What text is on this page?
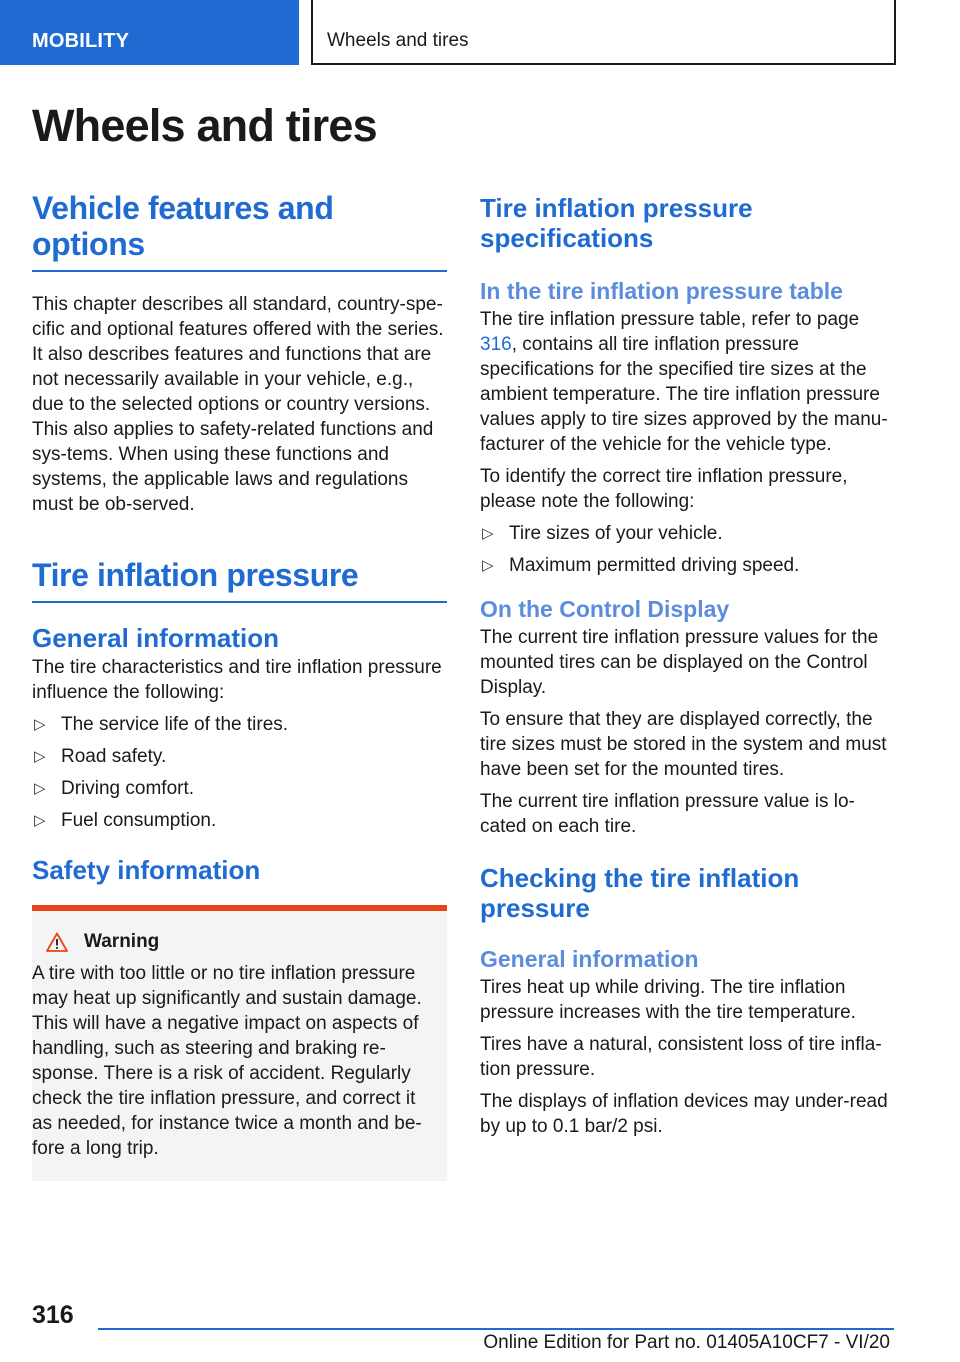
MOBILITY	Wheels and tires
Wheels and tires
Vehicle features and options

This chapter describes all standard, country-spe-cific and optional features offered with the series. It also describes features and functions that are not necessarily available in your vehicle, e.g., due to the selected options or country versions. This also applies to safety-related functions and sys-tems. When using these functions and systems, the applicable laws and regulations must be ob-served.

Tire inflation pressure
General information

The tire characteristics and tire inflation pressure influence the following:

▷ The service life of the tires.
▷ Road safety.
▷ Driving comfort.
▷ Fuel consumption.
Safety information
Warning

A tire with too little or no tire inflation pressure may heat up significantly and sustain damage. This will have a negative impact on aspects of handling, such as steering and braking re-sponse. There is a risk of accident. Regularly check the tire inflation pressure, and correct it as needed, for instance twice a month and be-fore a long trip.

Tire inflation pressure specifications
In the tire inflation pressure table

The tire inflation pressure table, refer to page 316, contains all tire inflation pressure specifications for the specified tire sizes at the ambient temperature. The tire inflation pressure values apply to tire sizes approved by the manu-facturer of the vehicle for the vehicle type.

To identify the correct tire inflation pressure, please note the following:

▷ Tire sizes of your vehicle.
▷ Maximum permitted driving speed.
On the Control Display

The current tire inflation pressure values for the mounted tires can be displayed on the Control Display.

To ensure that they are displayed correctly, the tire sizes must be stored in the system and must have been set for the mounted tires.

The current tire inflation pressure value is lo-cated on each tire.

Checking the tire inflation pressure
General information

Tires heat up while driving. The tire inflation pressure increases with the tire temperature.

Tires have a natural, consistent loss of tire infla-tion pressure.

The displays of inflation devices may under-read by up to 0.1 bar/2 psi.

316
Online Edition for Part no. 01405A10CF7 - VI/20
